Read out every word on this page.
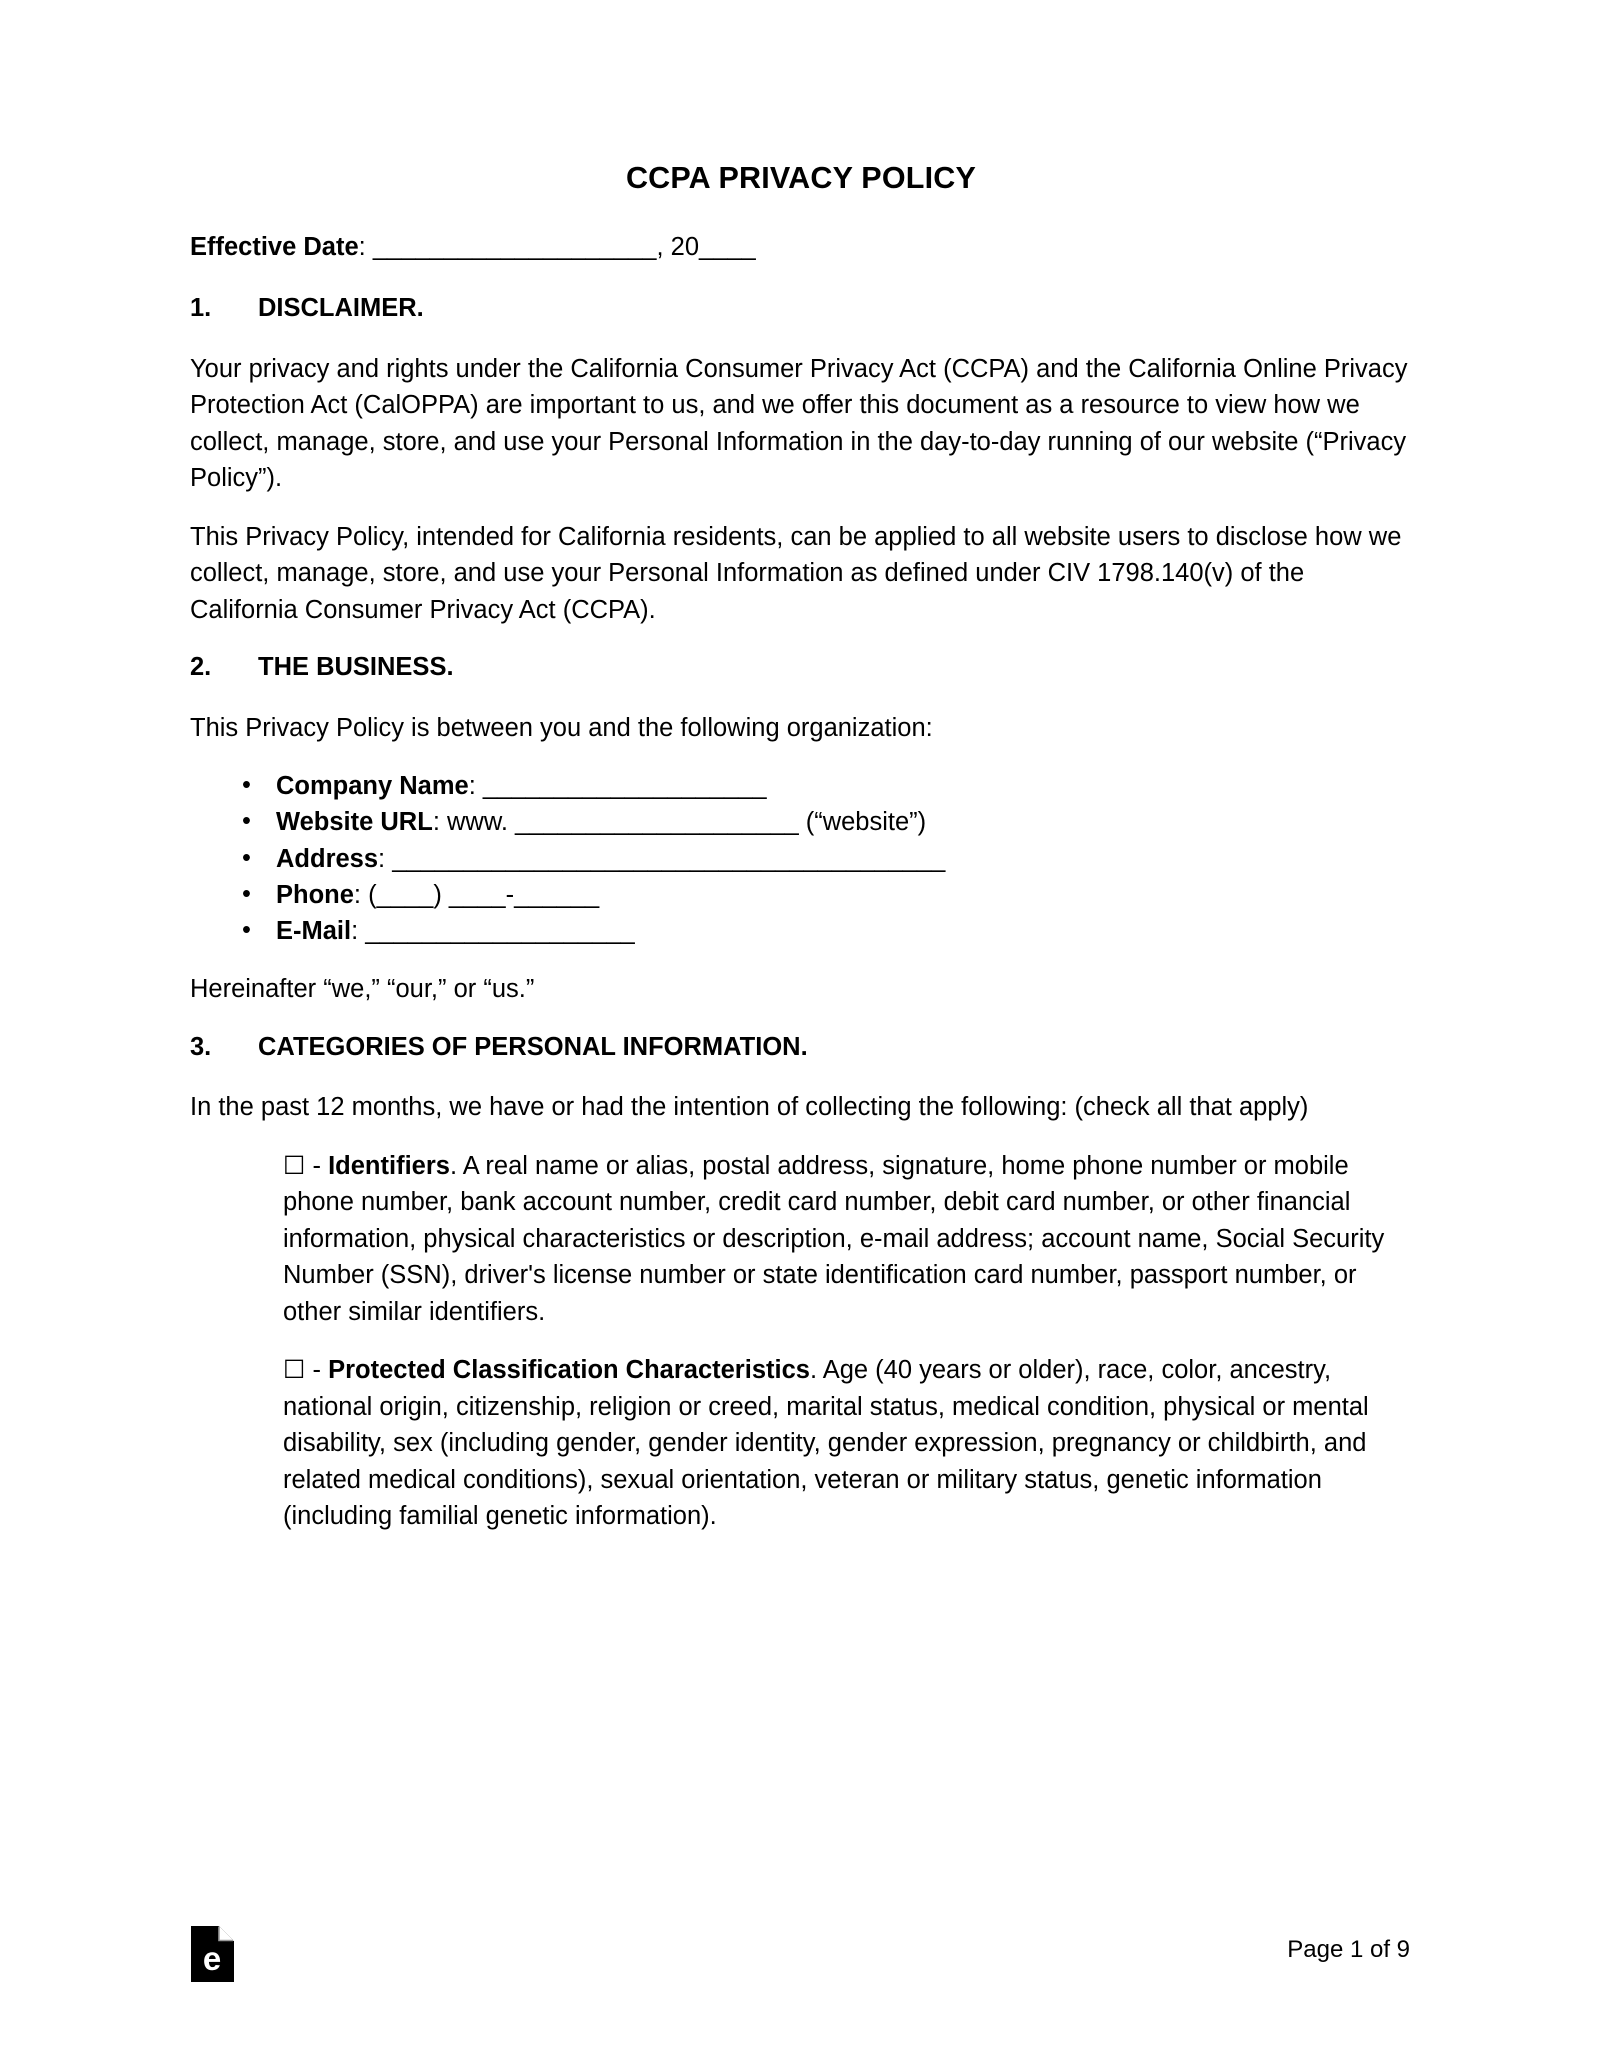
CCPA PRIVACY POLICY
Effective Date: ____________________, 20____
1.	DISCLAIMER.

Your privacy and rights under the California Consumer Privacy Act (CCPA) and the California Online Privacy Protection Act (CalOPPA) are important to us, and we offer this document as a resource to view how we collect, manage, store, and use your Personal Information in the day-to-day running of our website (“Privacy Policy”).

This Privacy Policy, intended for California residents, can be applied to all website users to disclose how we collect, manage, store, and use your Personal Information as defined under CIV 1798.140(v) of the California Consumer Privacy Act (CCPA).

2.	THE BUSINESS.

This Privacy Policy is between you and the following organization:

• Company Name: ____________________
• Website URL: www. ____________________ (“website”)
• Address: _______________________________________
• Phone: (____) ____-______
• E-Mail: ___________________

Hereinafter “we,” “our,” or “us.”

3.	CATEGORIES OF PERSONAL INFORMATION.

In the past 12 months, we have or had the intention of collecting the following: (check all that apply)

☐ - Identifiers. A real name or alias, postal address, signature, home phone number or mobile phone number, bank account number, credit card number, debit card number, or other financial information, physical characteristics or description, e-mail address; account name, Social Security Number (SSN), driver's license number or state identification card number, passport number, or other similar identifiers.

☐ - Protected Classification Characteristics. Age (40 years or older), race, color, ancestry, national origin, citizenship, religion or creed, marital status, medical condition, physical or mental disability, sex (including gender, gender identity, gender expression, pregnancy or childbirth, and related medical conditions), sexual orientation, veteran or military status, genetic information (including familial genetic information).

e	Page 1 of 9
